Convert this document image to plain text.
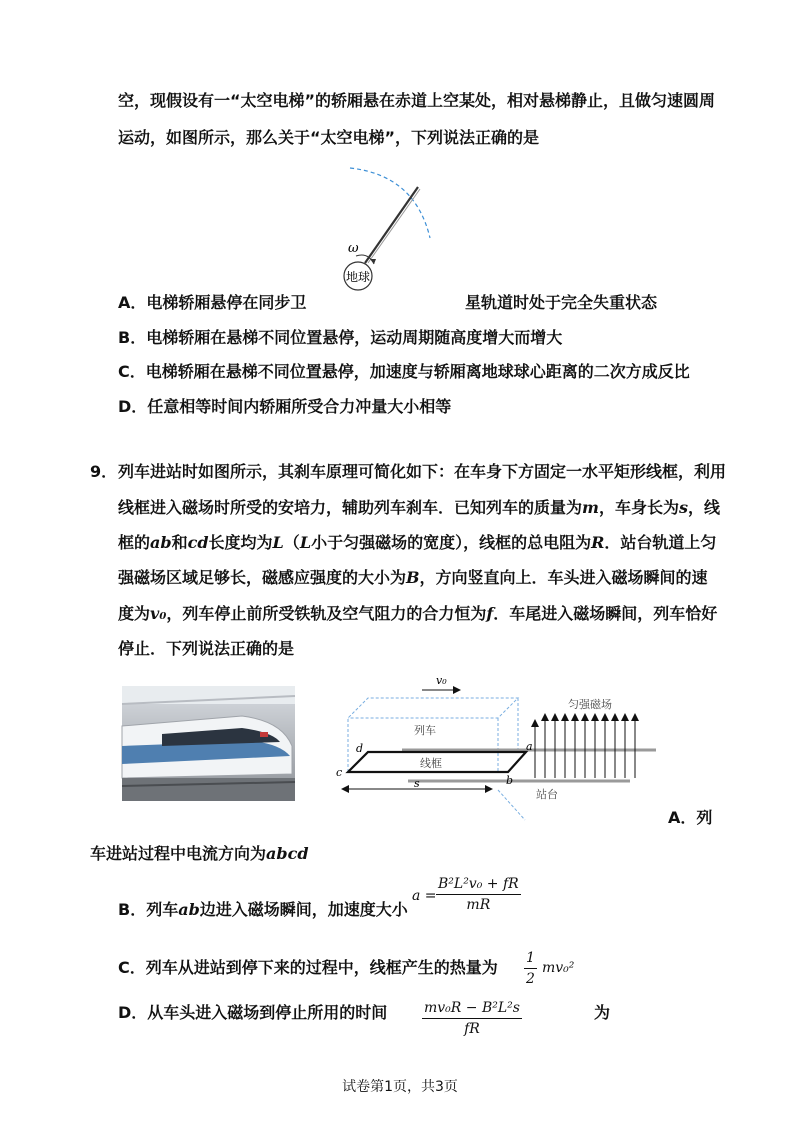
空，现假设有一“太空电梯”的轿厢悬在赤道上空某处，相对悬梯静止，且做匀速圆周
运动，如图所示，那么关于“太空电梯”，下列说法正确的是
ω
地球
A．电梯轿厢悬停在同步卫	星轨道时处于完全失重状态
B．电梯轿厢在悬梯不同位置悬停，运动周期随高度增大而增大
C．电梯轿厢在悬梯不同位置悬停，加速度与轿厢离地球球心距离的二次方成反比
D．任意相等时间内轿厢所受合力冲量大小相等
9． 列车进站时如图所示，其刹车原理可简化如下：在车身下方固定一水平矩形线框，利用
线框进入磁场时所受的安培力，辅助列车刹车．已知列车的质量为m，车身长为s，线
框的ab和cd长度均为L（L小于匀强磁场的宽度），线框的总电阻为R．站台轨道上匀
强磁场区域足够长，磁感应强度的大小为B，方向竖直向上．车头进入磁场瞬间的速
度为v₀，列车停止前所受铁轨及空气阻力的合力恒为f．车尾进入磁场瞬间，列车恰好
停止．下列说法正确的是
v₀
列车
线框
站台
a
b
c
d
s
匀强磁场
A．列
车进站过程中电流方向为abcd
B．列车ab边进入磁场瞬间，加速度大小
$a = \frac{\text{B²L²v₀ + fR}}{mR}$
C．列车从进站到停下来的过程中，线框产生的热量为 $\frac{1}{2} mv_0^2$
D．从车头进入磁场到停止所用的时间 $\frac{\text{mv₀R − B²L²s}}{fR}$	为
试卷第1页，共3页
